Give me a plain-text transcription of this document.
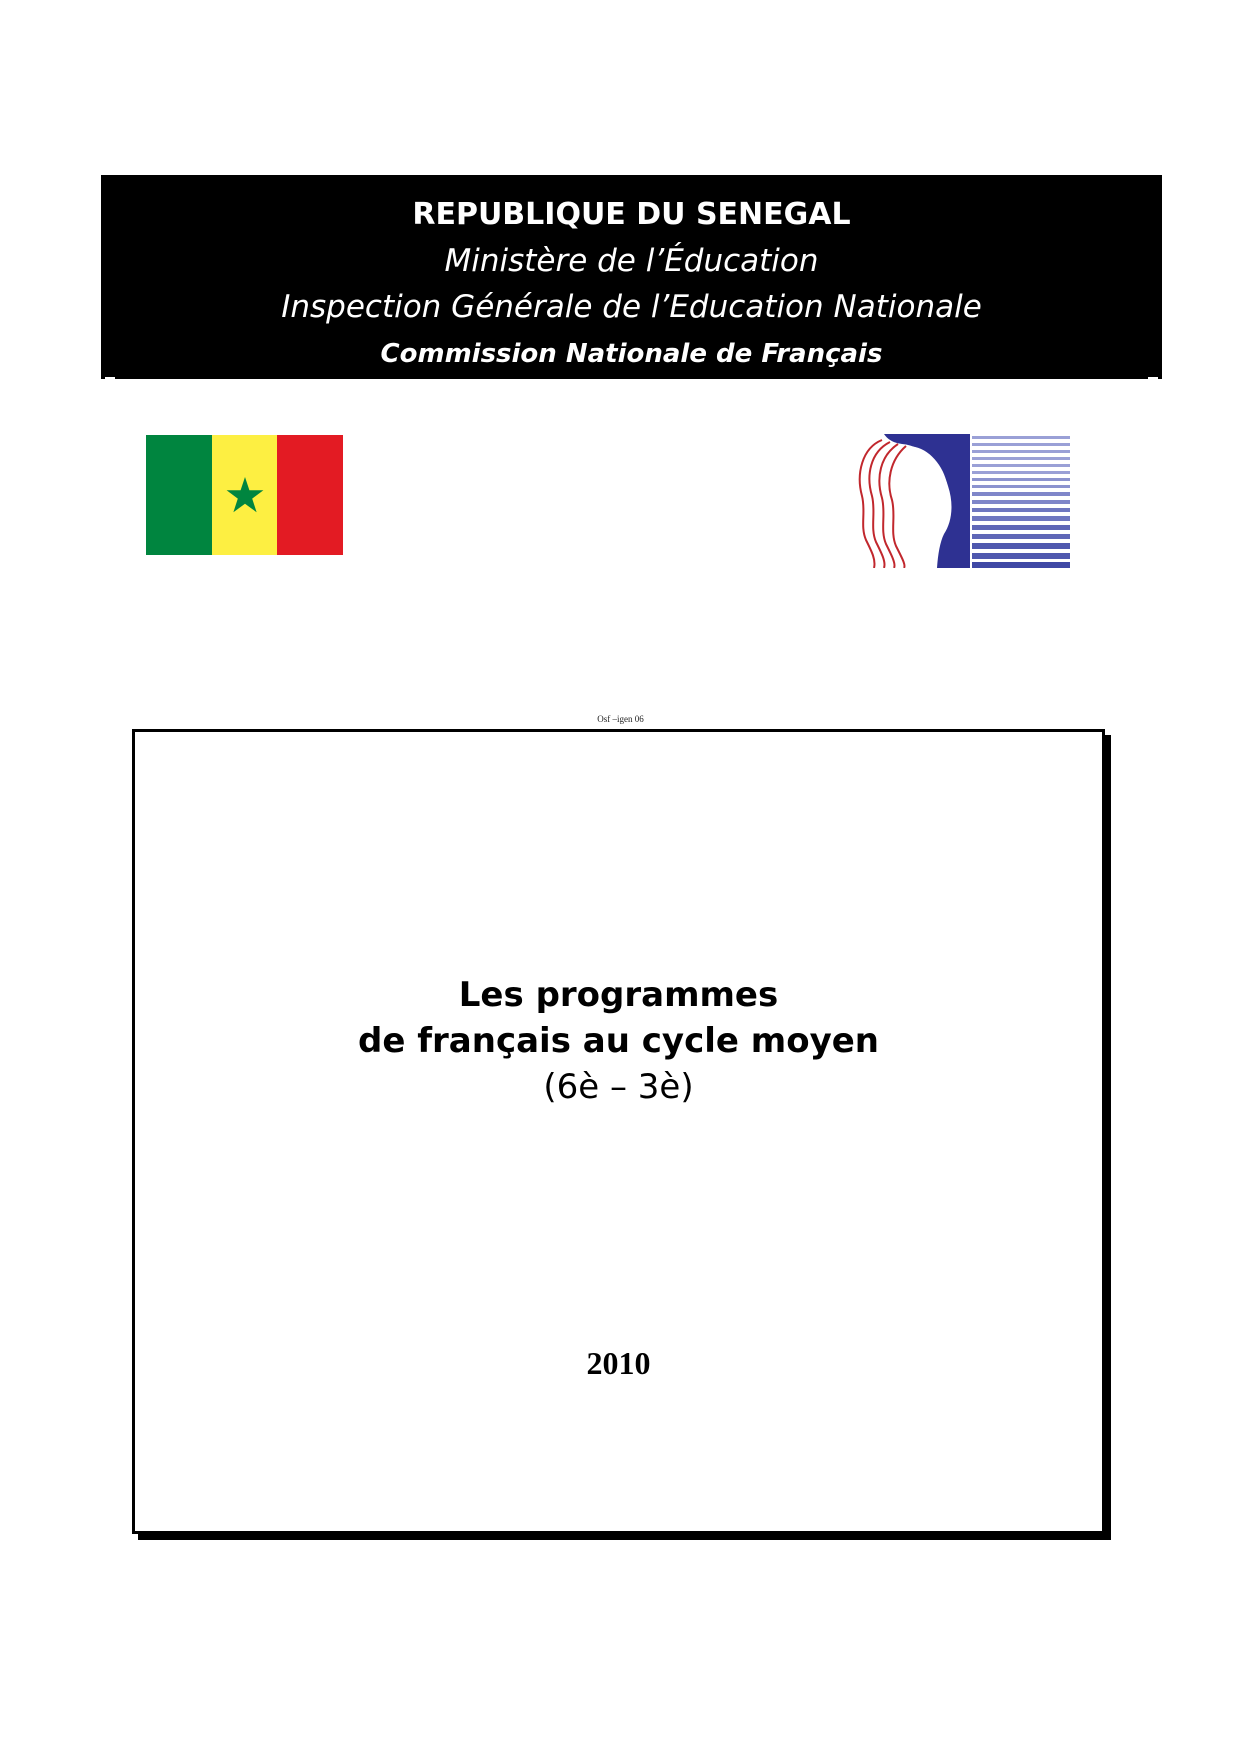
REPUBLIQUE DU SENEGAL
Ministère de l’Éducation
Inspection Générale de l’Education Nationale
Commission Nationale de Français
Osf –igen 06
Les programmes
de français au cycle moyen
(6è – 3è)
2010
